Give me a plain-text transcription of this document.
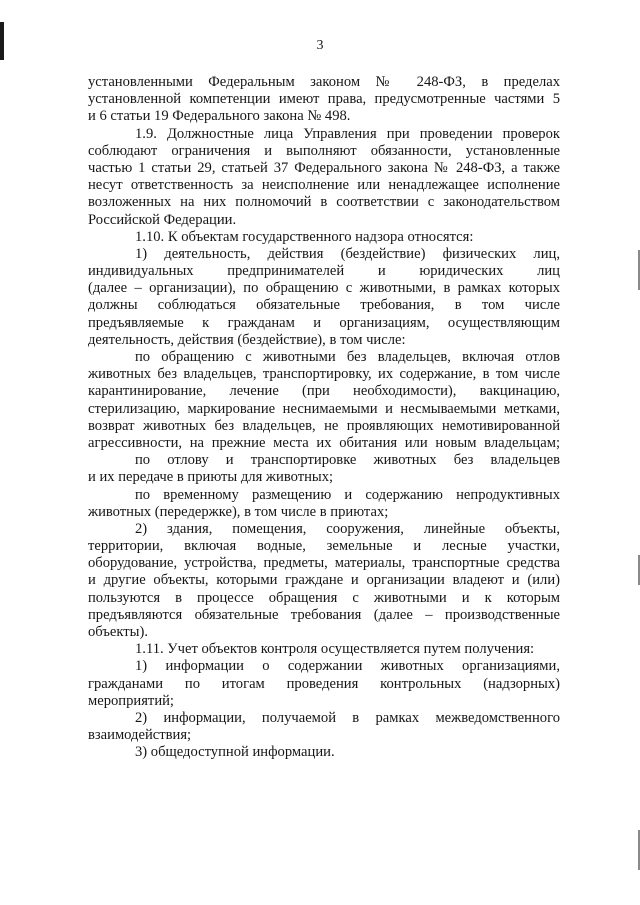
3
установленными Федеральным законом № 248-ФЗ, в пределах
установленной компетенции имеют права, предусмотренные частями 5
и 6 статьи 19 Федерального закона № 498.
1.9. Должностные лица Управления при проведении проверок
соблюдают ограничения и выполняют обязанности, установленные
частью 1 статьи 29, статьей 37 Федерального закона № 248-ФЗ, а также
несут ответственность за неисполнение или ненадлежащее исполнение
возложенных на них полномочий в соответствии с законодательством
Российской Федерации.
1.10. К объектам государственного надзора относятся:
1) деятельность, действия (бездействие) физических лиц,
индивидуальных предпринимателей и юридических лиц
(далее – организации), по обращению с животными, в рамках которых
должны соблюдаться обязательные требования, в том числе
предъявляемые к гражданам и организациям, осуществляющим
деятельность, действия (бездействие), в том числе:
по обращению с животными без владельцев, включая отлов
животных без владельцев, транспортировку, их содержание, в том числе
карантинирование, лечение (при необходимости), вакцинацию,
стерилизацию, маркирование неснимаемыми и несмываемыми метками,
возврат животных без владельцев, не проявляющих немотивированной
агрессивности, на прежние места их обитания или новым владельцам;
по отлову и транспортировке животных без владельцев
и их передаче в приюты для животных;
по временному размещению и содержанию непродуктивных
животных (передержке), в том числе в приютах;
2) здания, помещения, сооружения, линейные объекты,
территории, включая водные, земельные и лесные участки,
оборудование, устройства, предметы, материалы, транспортные средства
и другие объекты, которыми граждане и организации владеют и (или)
пользуются в процессе обращения с животными и к которым
предъявляются обязательные требования (далее – производственные
объекты).
1.11. Учет объектов контроля осуществляется путем получения:
1) информации о содержании животных организациями,
гражданами по итогам проведения контрольных (надзорных)
мероприятий;
2) информации, получаемой в рамках межведомственного
взаимодействия;
3) общедоступной информации.
